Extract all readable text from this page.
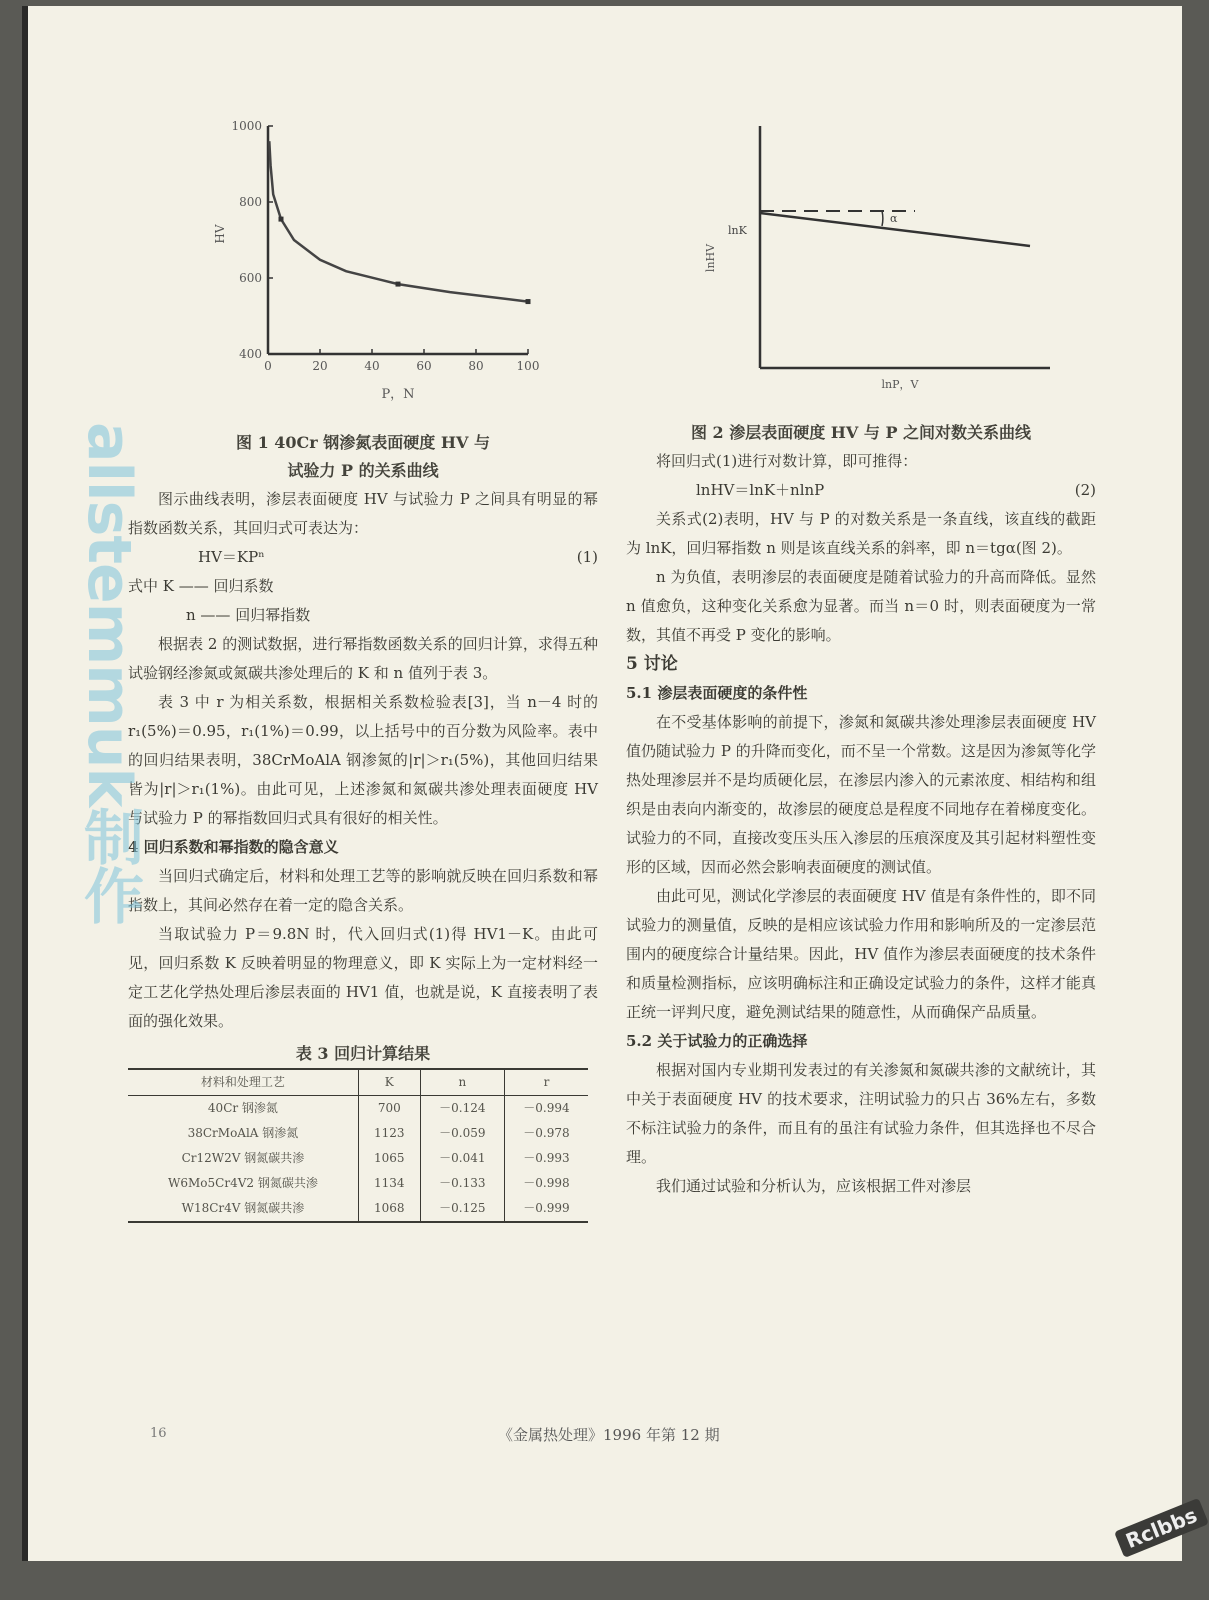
0	20	40	60	80	100
400
600
800
1000
HV
P，N
α
lnK
lnHV
lnP，V
图 1 40Cr 钢渗氮表面硬度 HV 与
试验力 P 的关系曲线

图示曲线表明，渗层表面硬度 HV 与试验力 P 之间具有明显的幂指数函数关系，其回归式可表达为：

HV＝KPⁿ	(1)
式中 K —— 回归系数
n —— 回归幂指数

根据表 2 的测试数据，进行幂指数函数关系的回归计算，求得五种试验钢经渗氮或氮碳共渗处理后的 K 和 n 值列于表 3。

表 3 中 r 为相关系数，根据相关系数检验表[3]，当 n－4 时的 r₁(5%)＝0.95，r₁(1%)＝0.99，以上括号中的百分数为风险率。表中的回归结果表明，38CrMoAlA 钢渗氮的|r|＞r₁(5%)，其他回归结果皆为|r|＞r₁(1%)。由此可见，上述渗氮和氮碳共渗处理表面硬度 HV 与试验力 P 的幂指数回归式具有很好的相关性。

4 回归系数和幂指数的隐含意义

当回归式确定后，材料和处理工艺等的影响就反映在回归系数和幂指数上，其间必然存在着一定的隐含关系。

当取试验力 P＝9.8N 时，代入回归式(1)得 HV1－K。由此可见，回归系数 K 反映着明显的物理意义，即 K 实际上为一定材料经一定工艺化学热处理后渗层表面的 HV1 值，也就是说，K 直接表明了表面的强化效果。

表 3 回归计算结果
材料和处理工艺	K	n	r
40Cr 钢渗氮	700	－0.124	－0.994
38CrMoAlA 钢渗氮	1123	－0.059	－0.978
Cr12W2V 钢氮碳共渗	1065	－0.041	－0.993
W6Mo5Cr4V2 钢氮碳共渗	1134	－0.133	－0.998
W18Cr4V 钢氮碳共渗	1068	－0.125	－0.999
图 2 渗层表面硬度 HV 与 P 之间对数关系曲线

将回归式(1)进行对数计算，即可推得：

lnHV＝lnK＋nlnP	(2)

关系式(2)表明，HV 与 P 的对数关系是一条直线，该直线的截距为 lnK，回归幂指数 n 则是该直线关系的斜率，即 n＝tgα(图 2)。

n 为负值，表明渗层的表面硬度是随着试验力的升高而降低。显然 n 值愈负，这种变化关系愈为显著。而当 n＝0 时，则表面硬度为一常数，其值不再受 P 变化的影响。

5 讨论
5.1 渗层表面硬度的条件性

在不受基体影响的前提下，渗氮和氮碳共渗处理渗层表面硬度 HV 值仍随试验力 P 的升降而变化，而不呈一个常数。这是因为渗氮等化学热处理渗层并不是均质硬化层，在渗层内渗入的元素浓度、相结构和组织是由表向内渐变的，故渗层的硬度总是程度不同地存在着梯度变化。试验力的不同，直接改变压头压入渗层的压痕深度及其引起材料塑性变形的区域，因而必然会影响表面硬度的测试值。

由此可见，测试化学渗层的表面硬度 HV 值是有条件性的，即不同试验力的测量值，反映的是相应该试验力作用和影响所及的一定渗层范围内的硬度综合计量结果。因此，HV 值作为渗层表面硬度的技术条件和质量检测指标，应该明确标注和正确设定试验力的条件，这样才能真正统一评判尺度，避免测试结果的随意性，从而确保产品质量。

5.2 关于试验力的正确选择

根据对国内专业期刊发表过的有关渗氮和氮碳共渗的文献统计，其中关于表面硬度 HV 的技术要求，注明试验力的只占 36%左右，多数不标注试验力的条件，而且有的虽注有试验力条件，但其选择也不尽合理。

我们通过试验和分析认为，应该根据工件对渗层

16	《金属热处理》1996 年第 12 期
allstemmuk制作
Rclbbs
